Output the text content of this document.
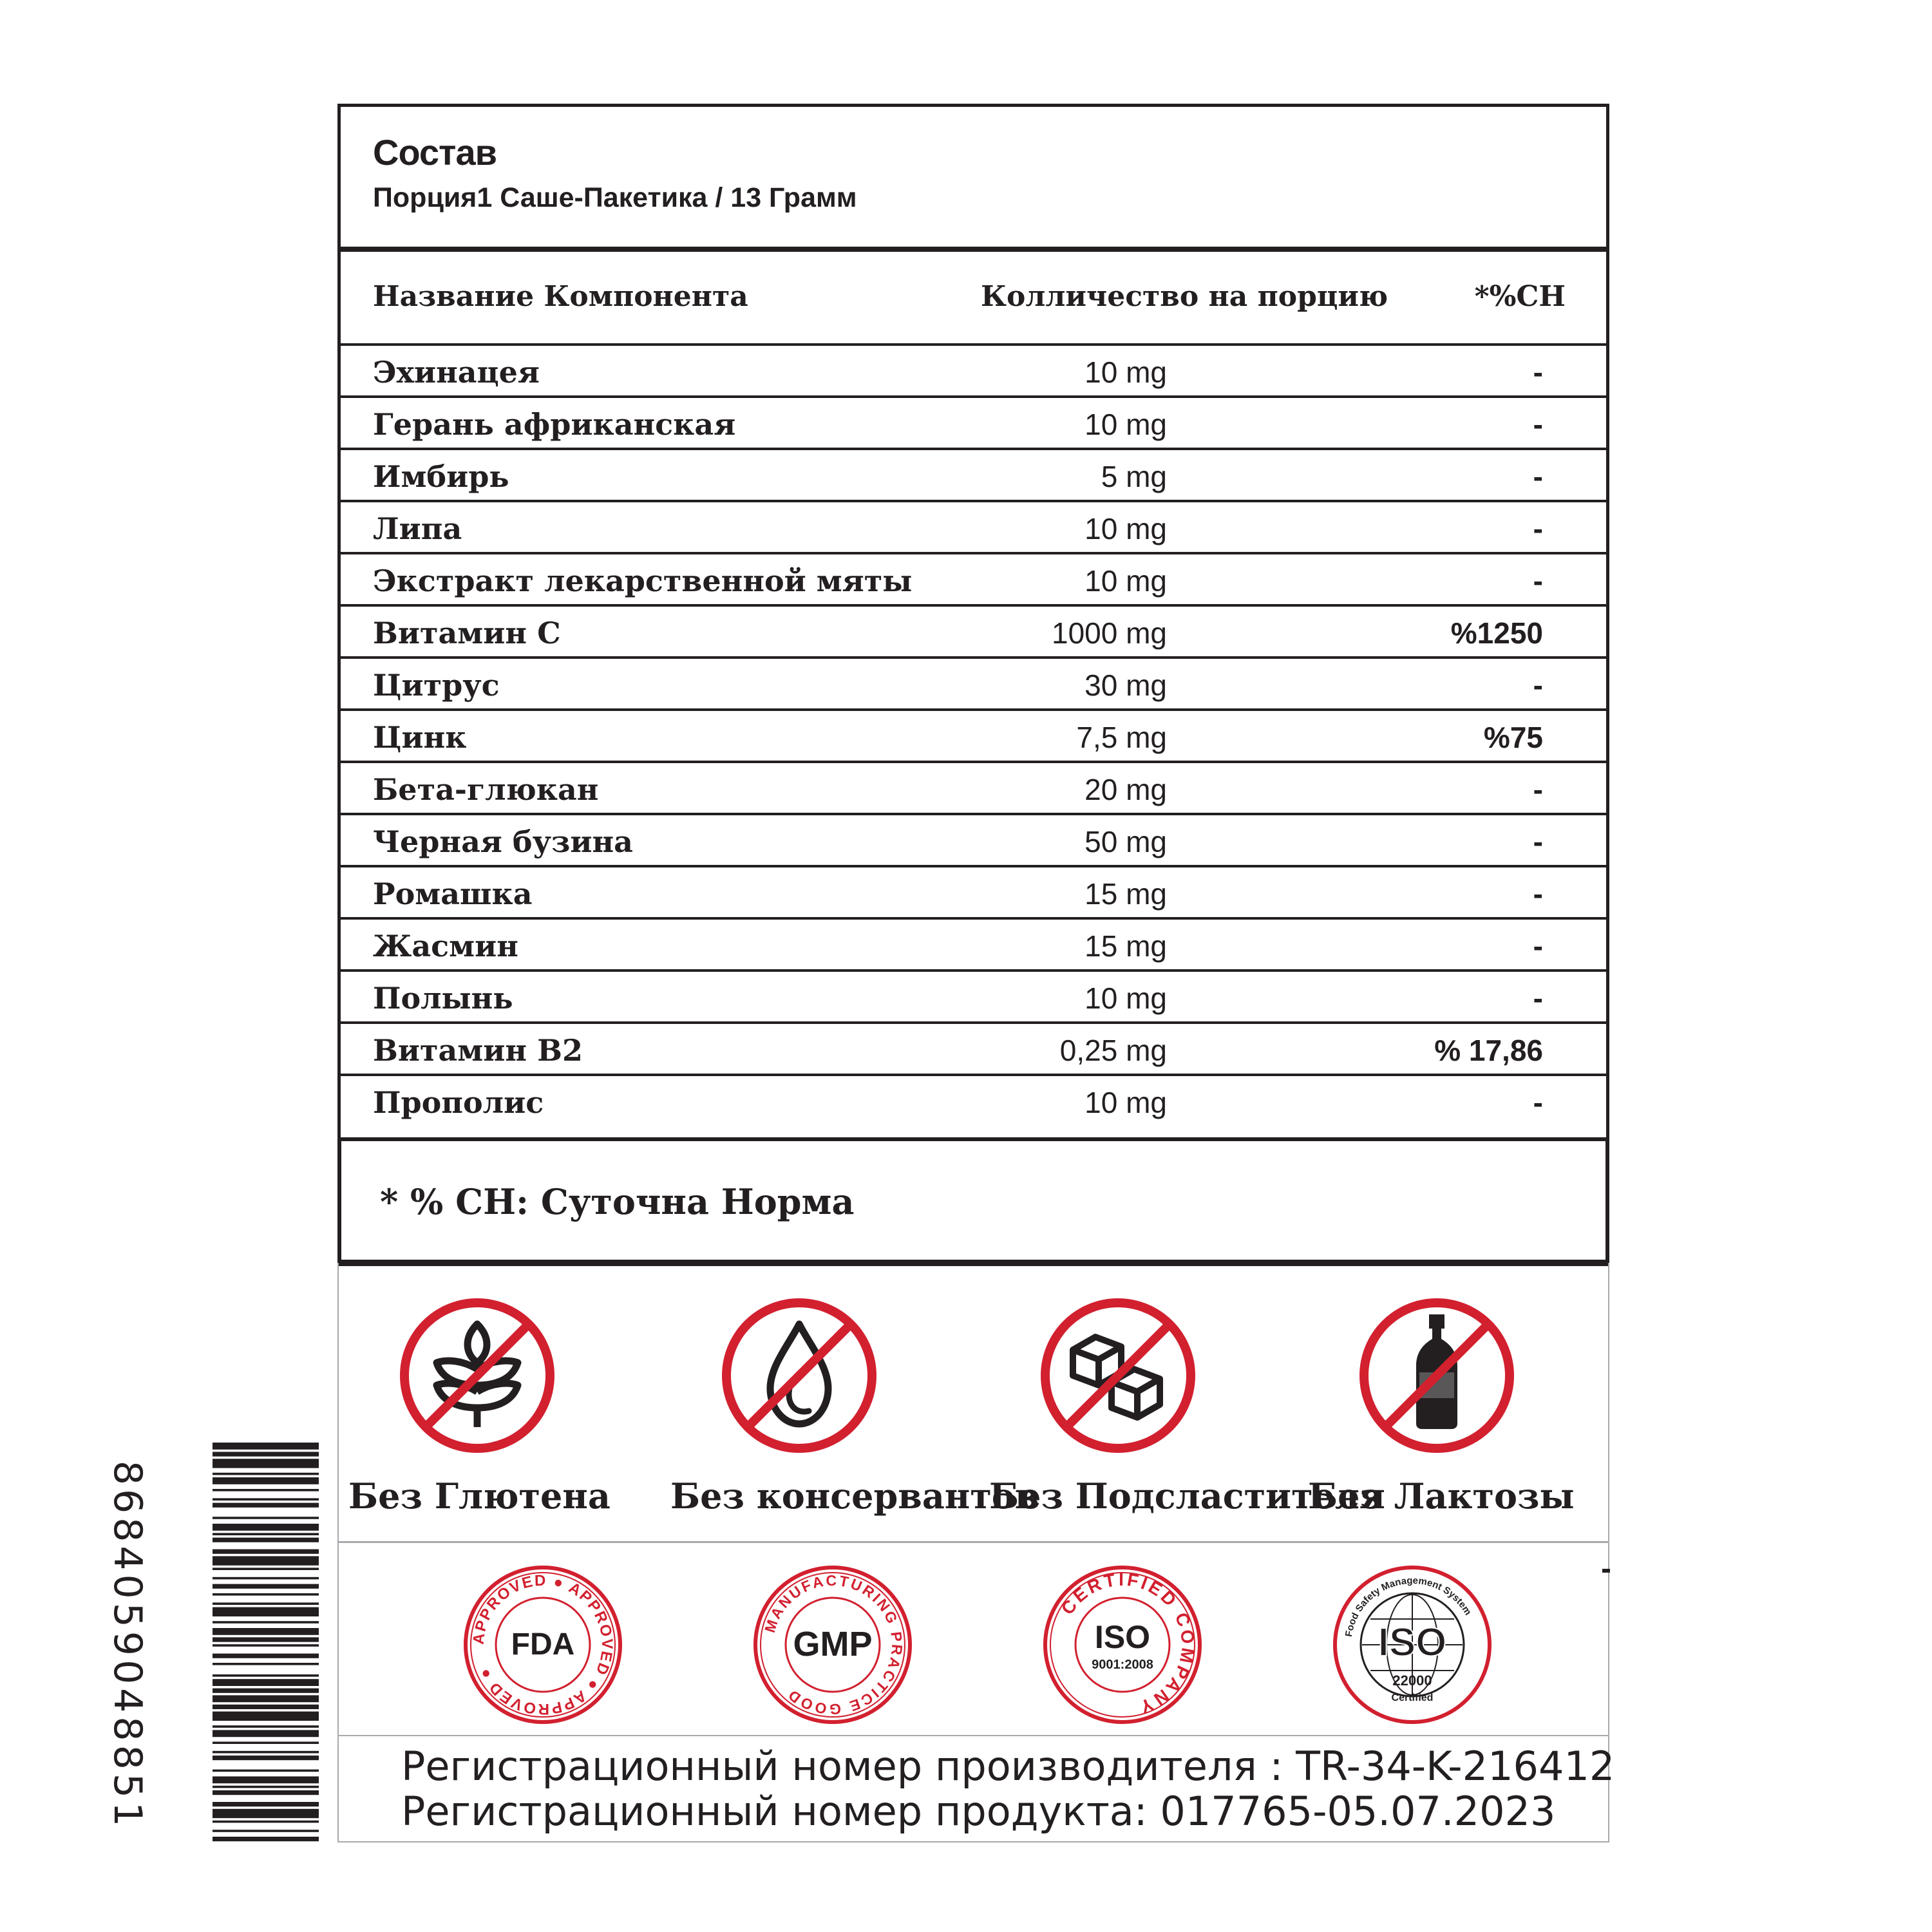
Состав
Порция1 Саше-Пакетика / 13 Грамм
Название Компонента	Колличество на порцию	*%CH
Эхинацея	10 mg	-
Герань африканская	10 mg	-
Имбирь	5 mg	-
Липа	10 mg	-
Экстракт лекарственной мяты	10 mg	-
Витамин C	1000 mg	%1250
Цитрус	30 mg	-
Цинк	7,5 mg	%75
Бета-глюкан	20 mg	-
Черная бузина	50 mg	-
Ромашка	15 mg	-
Жасмин	15 mg	-
Полынь	10 mg	-
Витамин B2	0,25 mg	% 17,86
Прополис	10 mg	-
* % CH: Суточна Норма
Без Глютена Без консервантов
Без Подсластителя
Без Лактозы
APPROVED ● APPROVED ● APPROVED ●
FDA
MANUFACTURING PRACTICE GOOD
GMP
CERTIFIED COMPANY
ISO
9001:2008
Food Safety Management System
ISO
22000
Certified
Регистрационный номер производителя : TR-34-K-216412
Регистрационный номер продукта: 017765-05.07.2023
8684059048851
